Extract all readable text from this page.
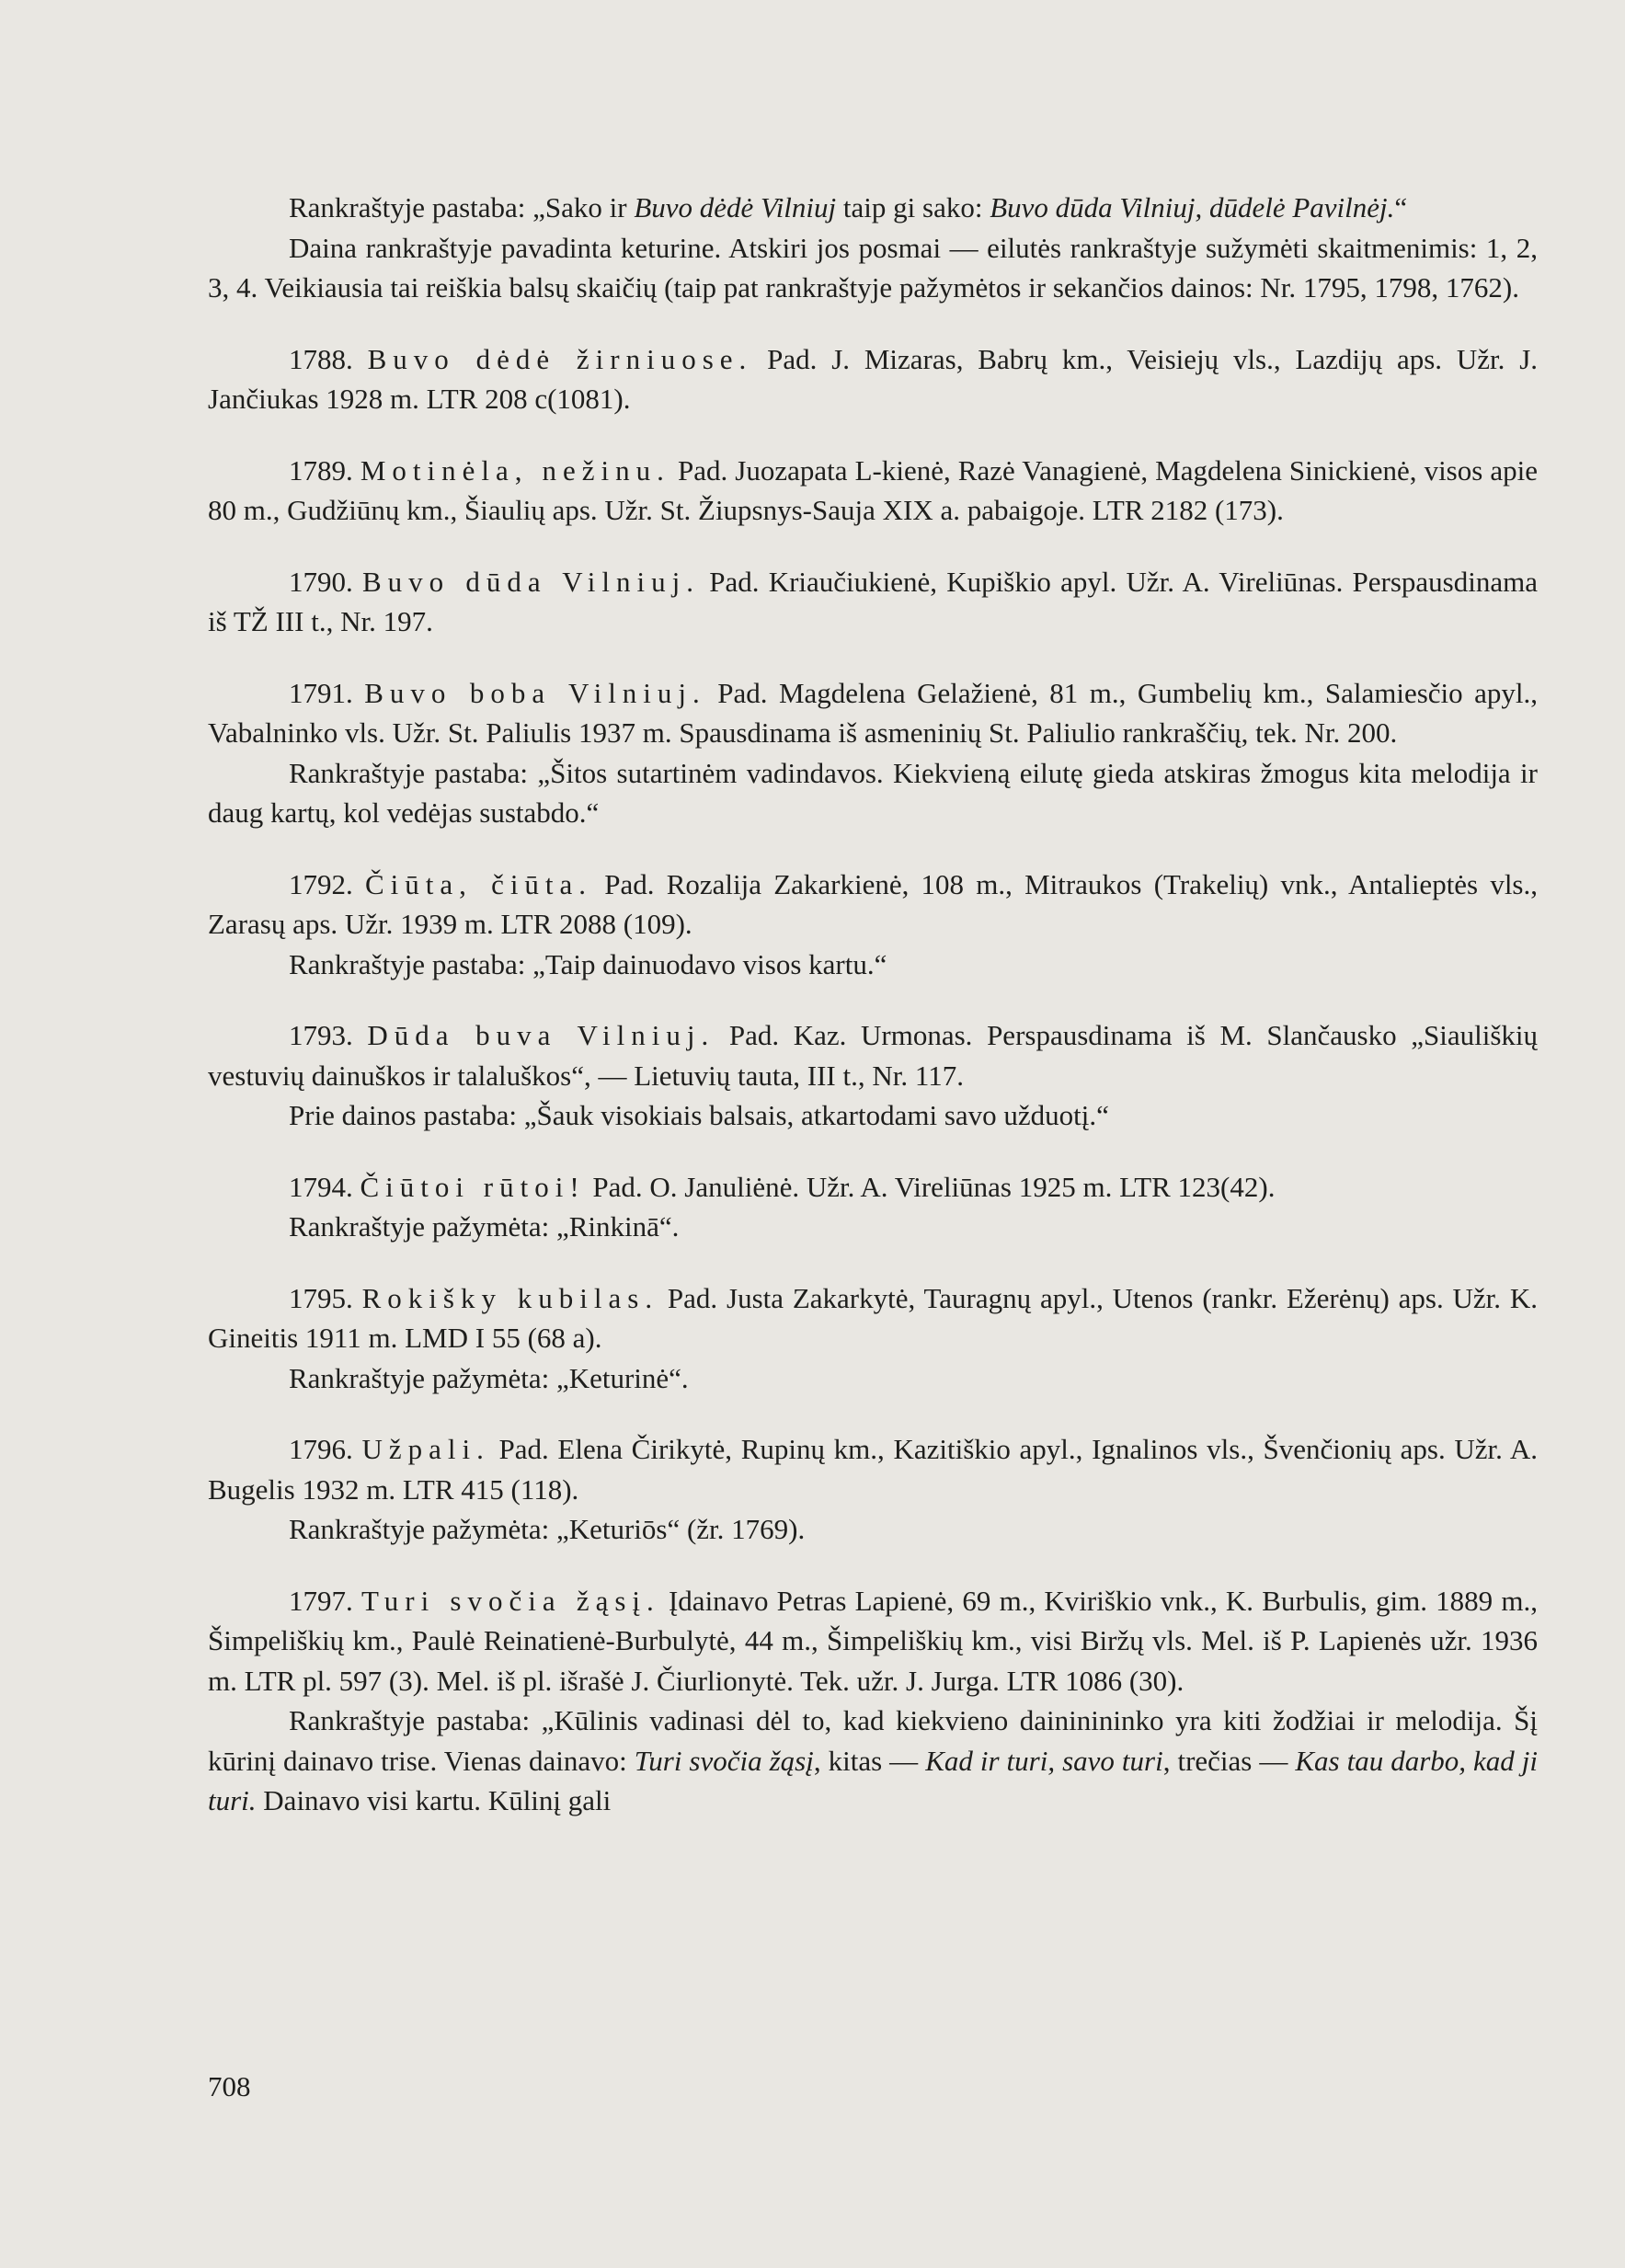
Rankraštyje pastaba: „Sako ir Buvo dėdė Vilniuj taip gi sako: Buvo dūda Vilniuj, dūdelė Pavilnėj.“

Daina rankraštyje pavadinta keturine. Atskiri jos posmai — eilutės rankraštyje sužymėti skaitmenimis: 1, 2, 3, 4. Veikiausia tai reiškia balsų skaičių (taip pat rankraštyje pažymėtos ir sekančios dainos: Nr. 1795, 1798, 1762).

1788. Buvo dėdė žirniuose. Pad. J. Mizaras, Babrų km., Veisiejų vls., Lazdijų aps. Užr. J. Jančiukas 1928 m. LTR 208 c(1081).

1789. Motinėla, nežinu. Pad. Juozapata L-kienė, Razė Vanagienė, Magdelena Sinickienė, visos apie 80 m., Gudžiūnų km., Šiaulių aps. Užr. St. Žiupsnys-Sauja XIX a. pabaigoje. LTR 2182 (173).

1790. Buvo dūda Vilniuj. Pad. Kriaučiukienė, Kupiškio apyl. Užr. A. Vireliūnas. Perspausdinama iš TŽ III t., Nr. 197.

1791. Buvo boba Vilniuj. Pad. Magdelena Gelažienė, 81 m., Gumbelių km., Salamiesčio apyl., Vabalninko vls. Užr. St. Paliulis 1937 m. Spausdinama iš asmeninių St. Paliulio rankraščių, tek. Nr. 200.

Rankraštyje pastaba: „Šitos sutartinėm vadindavos. Kiekvieną eilutę gieda atskiras žmogus kita melodija ir daug kartų, kol vedėjas sustabdo.“

1792. Čiūta, čiūta. Pad. Rozalija Zakarkienė, 108 m., Mitraukos (Trakelių) vnk., Antalieptės vls., Zarasų aps. Užr. 1939 m. LTR 2088 (109).

Rankraštyje pastaba: „Taip dainuodavo visos kartu.“

1793. Dūda buva Vilniuj. Pad. Kaz. Urmonas. Perspausdinama iš M. Slančausko „Siauliškių vestuvių dainuškos ir talaluškos“, — Lietuvių tauta, III t., Nr. 117.

Prie dainos pastaba: „Šauk visokiais balsais, atkartodami savo užduotį.“

1794. Čiūtoi rūtoi! Pad. O. Januliėnė. Užr. A. Vireliūnas 1925 m. LTR 123(42).

Rankraštyje pažymėta: „Rinkinā“.

1795. Rokišky kubilas. Pad. Justa Zakarkytė, Tauragnų apyl., Utenos (rankr. Ežerėnų) aps. Užr. K. Gineitis 1911 m. LMD I 55 (68 a).

Rankraštyje pažymėta: „Keturinė“.

1796. Užpali. Pad. Elena Čirikytė, Rupinų km., Kazitiškio apyl., Ignalinos vls., Švenčionių aps. Užr. A. Bugelis 1932 m. LTR 415 (118).

Rankraštyje pažymėta: „Keturiōs“ (žr. 1769).

1797. Turi svočia žąsį. Įdainavo Petras Lapienė, 69 m., Kviriškio vnk., K. Burbulis, gim. 1889 m., Šimpeliškių km., Paulė Reinatienė-Burbulytė, 44 m., Šimpeliškių km., visi Biržų vls. Mel. iš P. Lapienės užr. 1936 m. LTR pl. 597 (3). Mel. iš pl. išrašė J. Čiurlionytė. Tek. užr. J. Jurga. LTR 1086 (30).

Rankraštyje pastaba: „Kūlinis vadinasi dėl to, kad kiekvieno daininininko yra kiti žodžiai ir melodija. Šį kūrinį dainavo trise. Vienas dainavo: Turi svočia žąsį, kitas — Kad ir turi, savo turi, trečias — Kas tau darbo, kad ji turi. Dainavo visi kartu. Kūlinį gali

708
